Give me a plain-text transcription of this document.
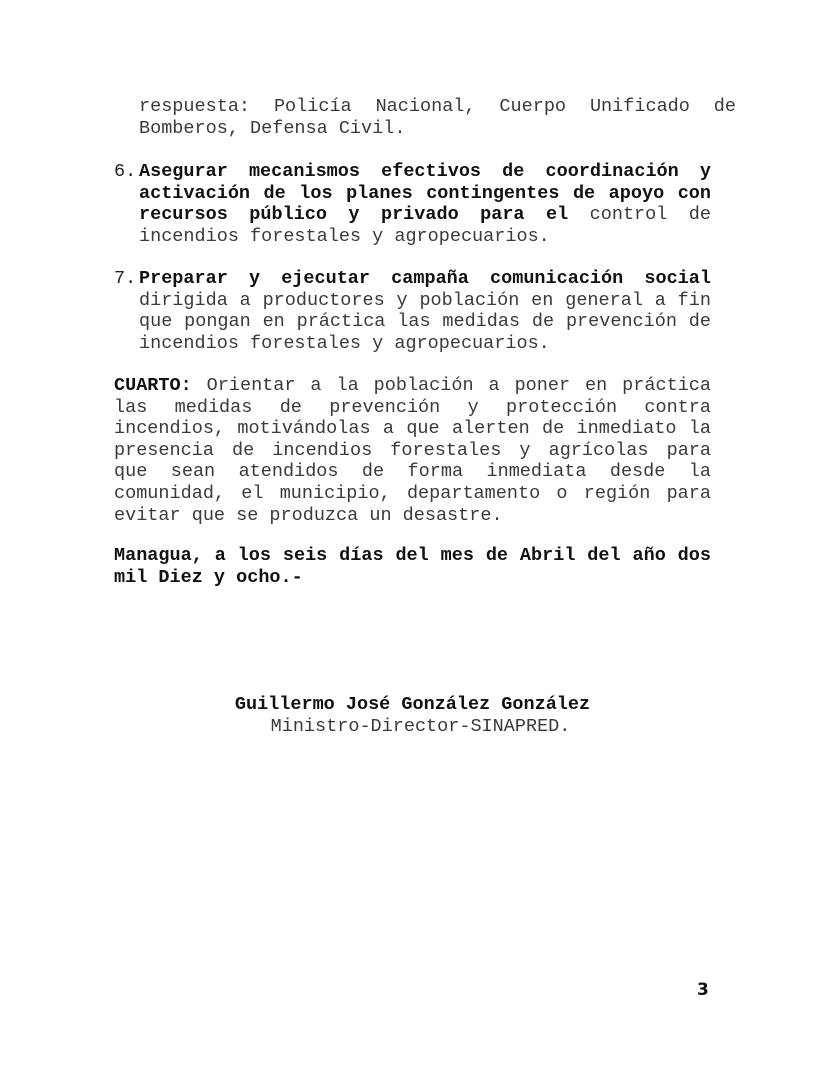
respuesta: Policía Nacional, Cuerpo Unificado de Bomberos, Defensa Civil.

6. Asegurar mecanismos efectivos de coordinación y activación de los planes contingentes de apoyo con recursos público y privado para el control de incendios forestales y agropecuarios.

7. Preparar y ejecutar campaña comunicación social dirigida a productores y población en general a fin que pongan en práctica las medidas de prevención de incendios forestales y agropecuarios.

CUARTO: Orientar a la población a poner en práctica las medidas de prevención y protección contra incendios, motivándolas a que alerten de inmediato la presencia de incendios forestales y agrícolas para que sean atendidos de forma inmediata desde la comunidad, el municipio, departamento o región para evitar que se produzca un desastre.

Managua, a los seis días del mes de Abril del año dos mil Diez y ocho.-

Guillermo José González González
Ministro-Director-SINAPRED.
3
